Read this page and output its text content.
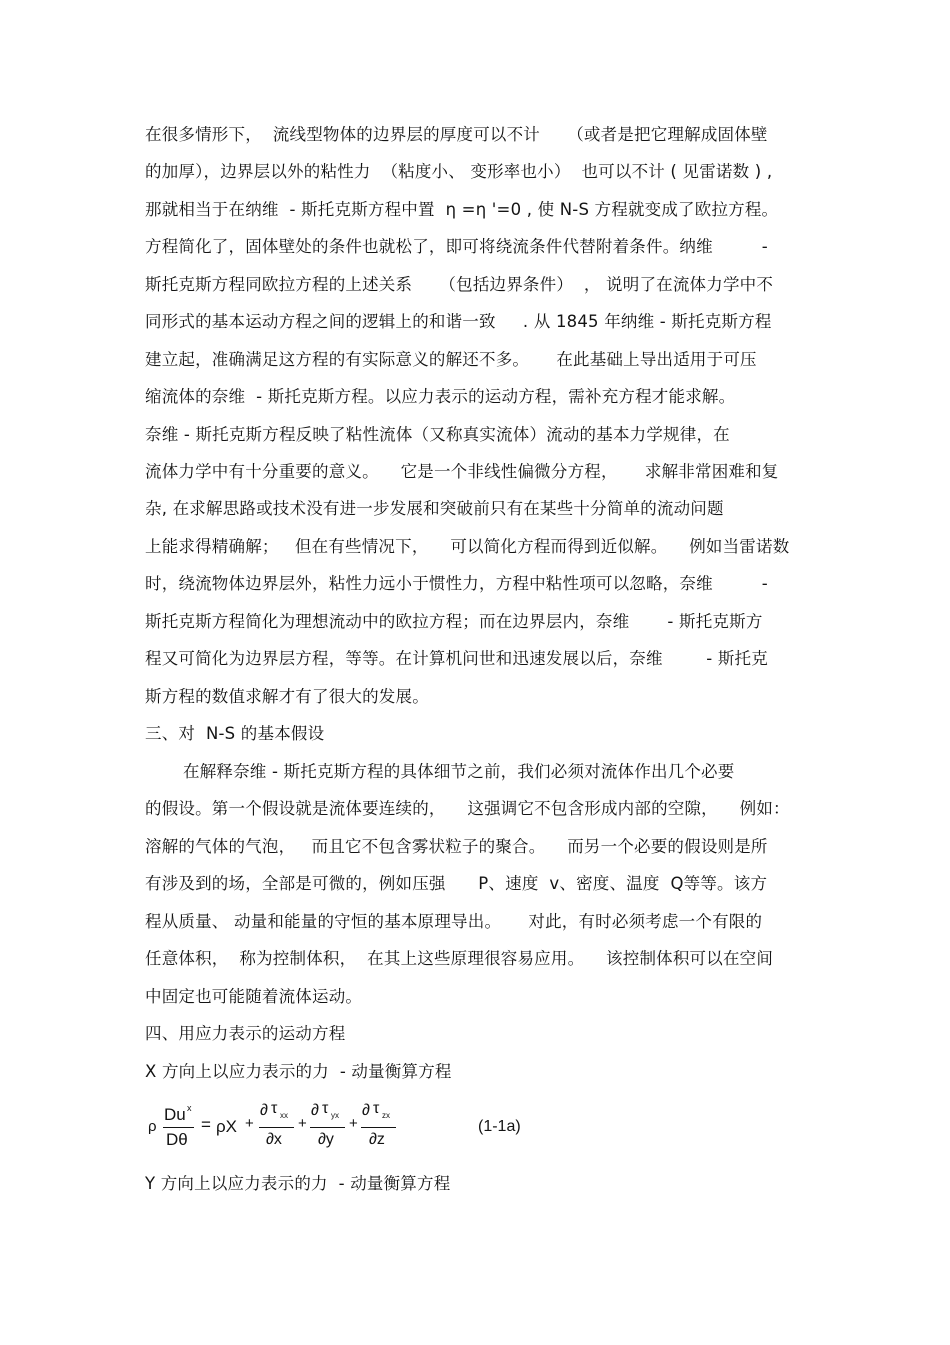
在很多情形下，  流线型物体的边界层的厚度可以不计     （或者是把它理解成固体壁
的加厚），边界层以外的粘性力  （粘度小、 变形率也小）  也可以不计 ( 见雷诺数 ) ,
那就相当于在纳维  - 斯托克斯方程中置  η =η '=0 , 使 N-S 方程就变成了欧拉方程。
方程简化了，固体壁处的条件也就松了，即可将绕流条件代替附着条件。纳维         -
斯托克斯方程同欧拉方程的上述关系     （包括边界条件）  ， 说明了在流体力学中不
同形式的基本运动方程之间的逻辑上的和谐一致     . 从 1845 年纳维 - 斯托克斯方程
建立起，准确满足这方程的有实际意义的解还不多。     在此基础上导出适用于可压
缩流体的奈维  - 斯托克斯方程。以应力表示的运动方程，需补充方程才能求解。
奈维 - 斯托克斯方程反映了粘性流体（又称真实流体）流动的基本力学规律，在
流体力学中有十分重要的意义。    它是一个非线性偏微分方程，     求解非常困难和复
杂, 在求解思路或技术没有进一步发展和突破前只有在某些十分简单的流动问题
上能求得精确解；   但在有些情况下，    可以简化方程而得到近似解。    例如当雷诺数
时，绕流物体边界层外，粘性力远小于惯性力，方程中粘性项可以忽略，奈维         -
斯托克斯方程简化为理想流动中的欧拉方程；而在边界层内，奈维       - 斯托克斯方
程又可简化为边界层方程，等等。在计算机问世和迅速发展以后，奈维        - 斯托克
斯方程的数值求解才有了很大的发展。
三、对  N-S 的基本假设
在解释奈维 - 斯托克斯方程的具体细节之前，我们必须对流体作出几个必要
的假设。第一个假设就是流体要连续的，    这强调它不包含形成内部的空隙，    例如：
溶解的气体的气泡，   而且它不包含雾状粒子的聚合。    而另一个必要的假设则是所
有涉及到的场，全部是可微的，例如压强      P、速度  v、密度、温度  Q等等。该方
程从质量、 动量和能量的守恒的基本原理导出。     对此，有时必须考虑一个有限的
任意体积，  称为控制体积，  在其上这些原理很容易应用。    该控制体积可以在空间
中固定也可能随着流体运动。
四、用应力表示的运动方程
X 方向上以应力表示的力  - 动量衡算方程
ρ
Du x
Dθ
= ρX +
∂ τ xx
∂x
+
∂ τ yx
∂y
+
∂ τ zx
∂z
(1-1a)
Y 方向上以应力表示的力  - 动量衡算方程
